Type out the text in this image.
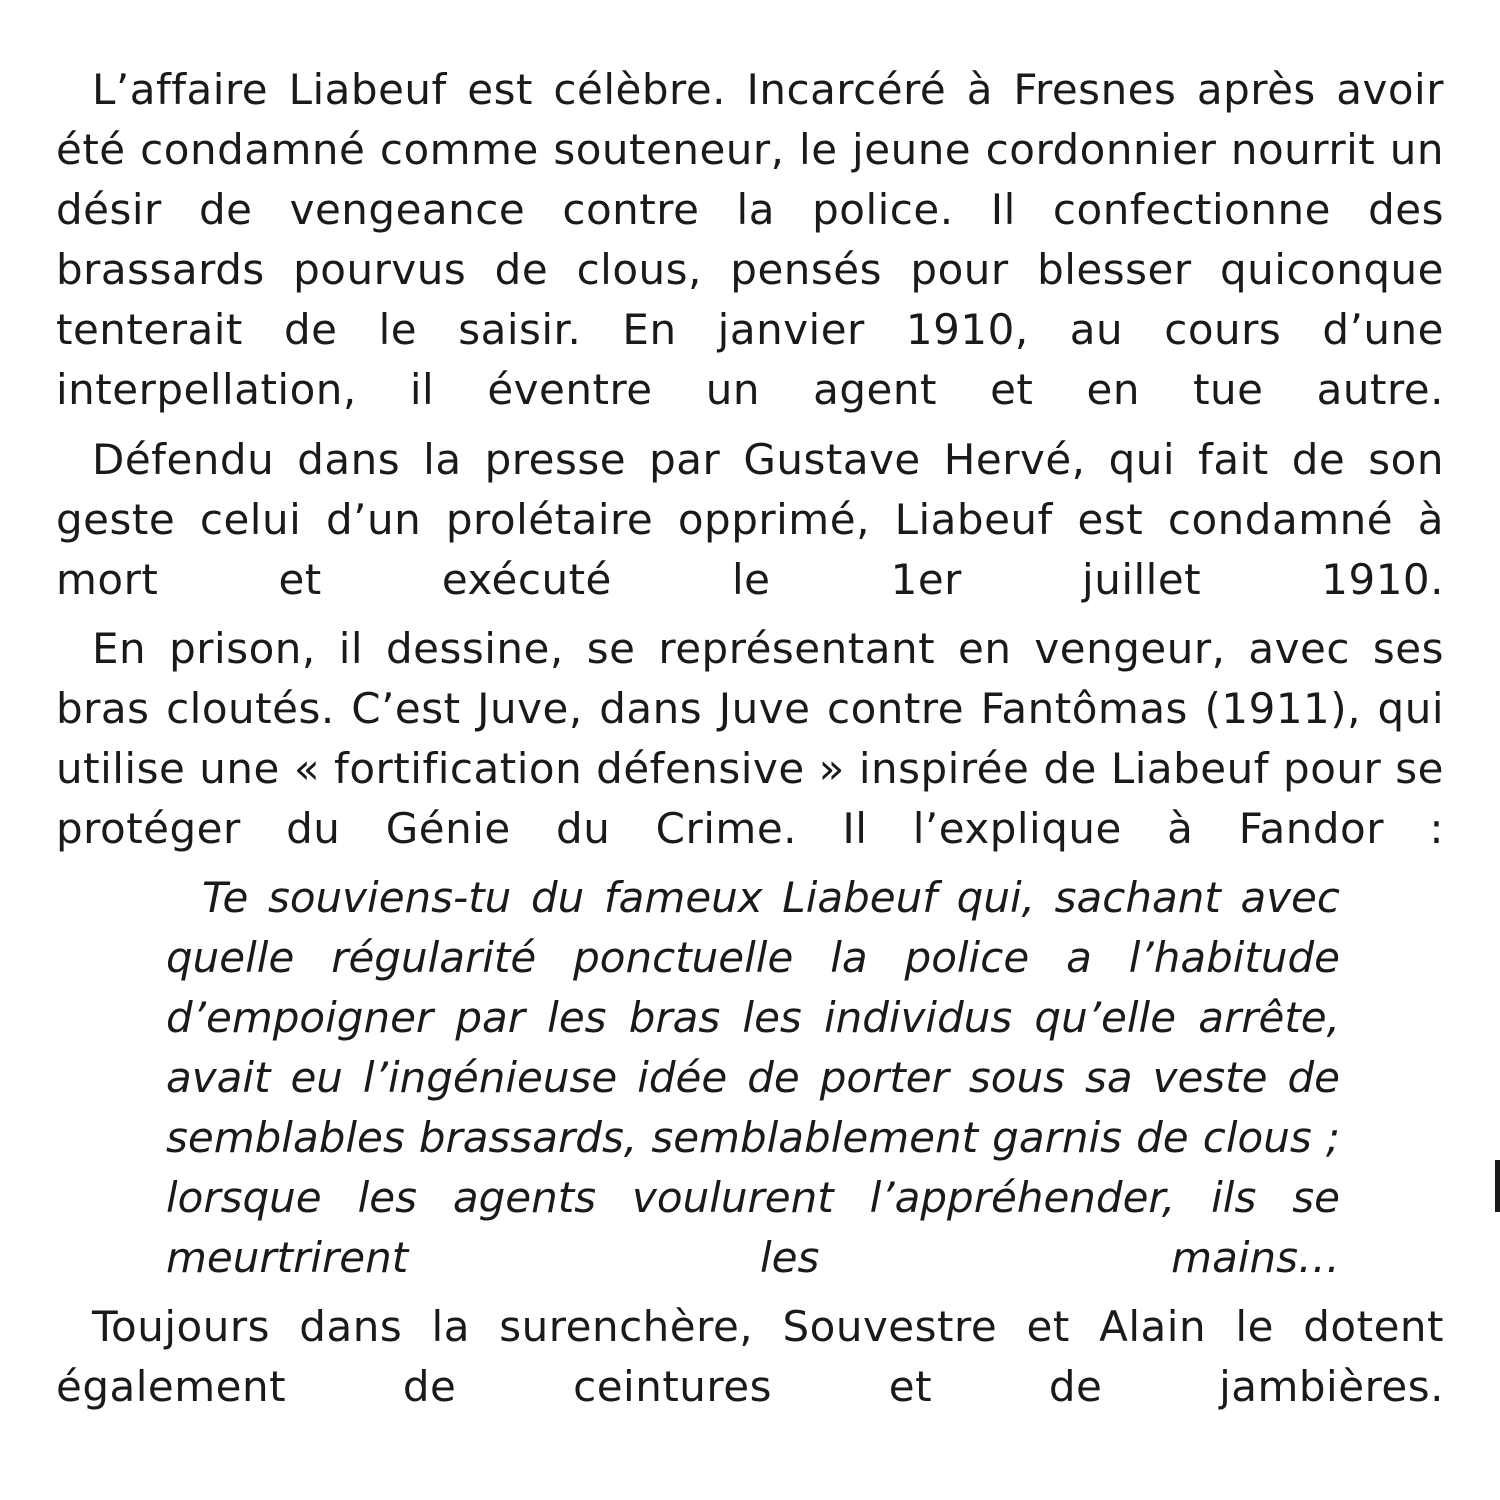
L’affaire Liabeuf est célèbre. Incarcéré à Fresnes après avoir été condamné comme souteneur, le jeune cordonnier nourrit un désir de vengeance contre la police. Il confectionne des brassards pourvus de clous, pensés pour blesser quiconque tenterait de le saisir. En janvier 1910, au cours d’une interpellation, il éventre un agent et en tue autre.

Défendu dans la presse par Gustave Hervé, qui fait de son geste celui d’un prolétaire opprimé, Liabeuf est condamné à mort et exécuté le 1er juillet 1910.

En prison, il dessine, se représentant en vengeur, avec ses bras cloutés. C’est Juve, dans Juve contre Fantômas (1911), qui utilise une « fortification défensive » inspirée de Liabeuf pour se protéger du Génie du Crime. Il l’explique à Fandor :

Te souviens-tu du fameux Liabeuf qui, sachant avec quelle régularité ponctuelle la police a l’habitude d’empoigner par les bras les individus qu’elle arrête, avait eu l’ingénieuse idée de porter sous sa veste de semblables brassards, semblablement garnis de clous ; lorsque les agents voulurent l’appréhender, ils se meurtrirent les mains…

Toujours dans la surenchère, Souvestre et Alain le dotent également de ceintures et de jambières.
